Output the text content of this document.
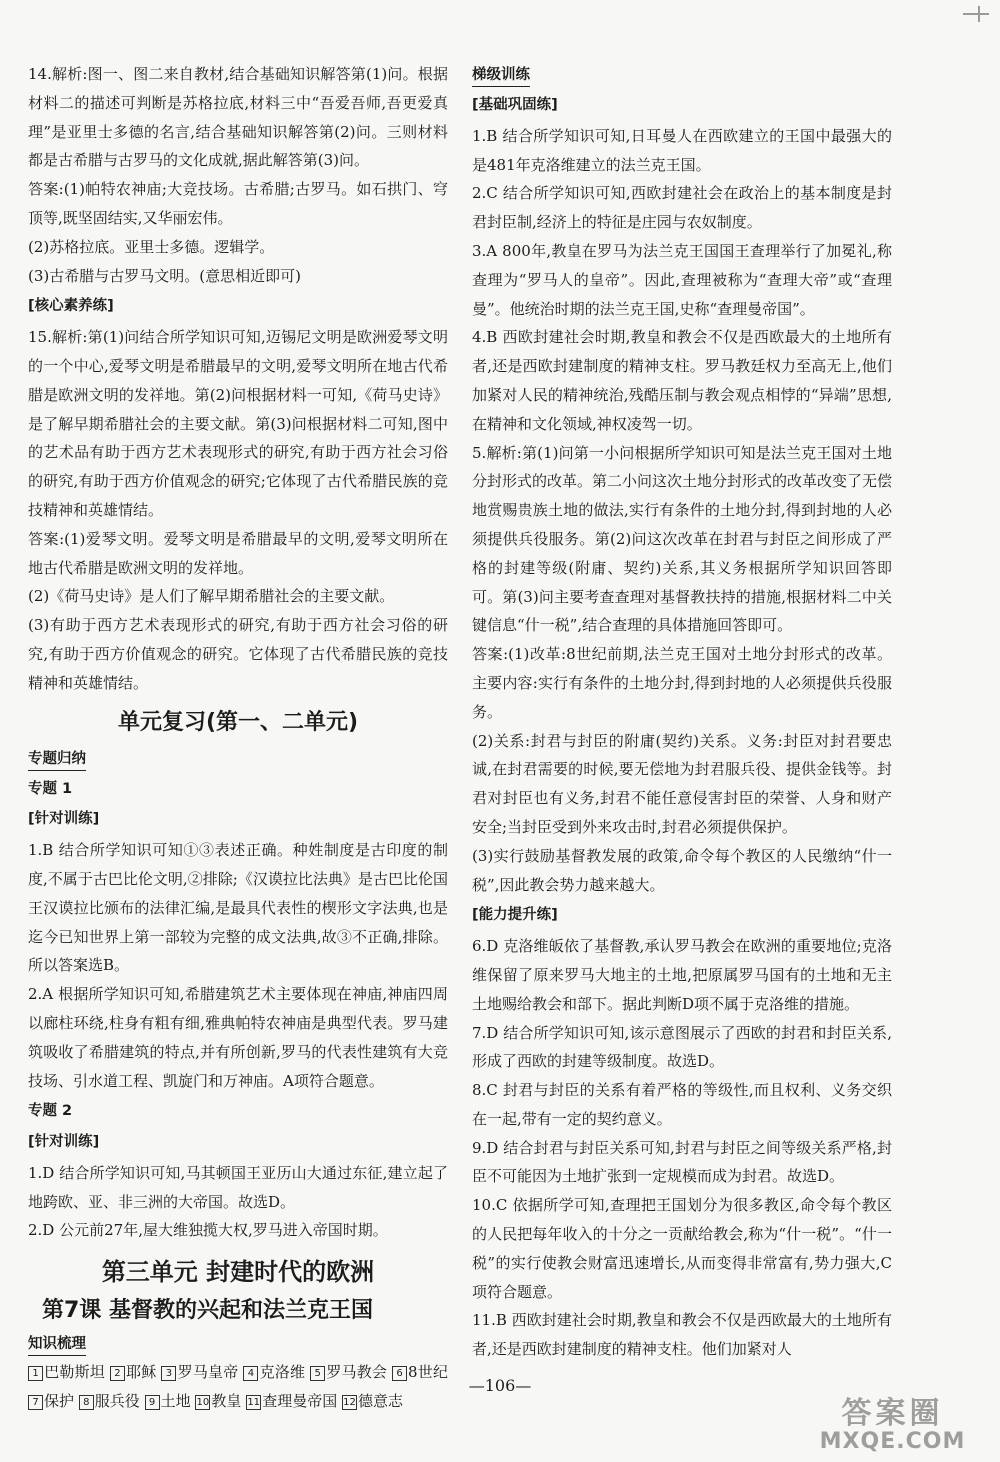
14.解析:图一、图二来自教材,结合基础知识解答第(1)问。根据材料二的描述可判断是苏格拉底,材料三中“吾爱吾师,吾更爱真理”是亚里士多德的名言,结合基础知识解答第(2)问。三则材料都是古希腊与古罗马的文化成就,据此解答第(3)问。

答案:(1)帕特农神庙;大竞技场。古希腊;古罗马。如石拱门、穹顶等,既坚固结实,又华丽宏伟。

(2)苏格拉底。亚里士多德。逻辑学。

(3)古希腊与古罗马文明。(意思相近即可)

[核心素养练]

15.解析:第(1)问结合所学知识可知,迈锡尼文明是欧洲爱琴文明的一个中心,爱琴文明是希腊最早的文明,爱琴文明所在地古代希腊是欧洲文明的发祥地。第(2)问根据材料一可知,《荷马史诗》是了解早期希腊社会的主要文献。第(3)问根据材料二可知,图中的艺术品有助于西方艺术表现形式的研究,有助于西方社会习俗的研究,有助于西方价值观念的研究;它体现了古代希腊民族的竞技精神和英雄情结。

答案:(1)爱琴文明。爱琴文明是希腊最早的文明,爱琴文明所在地古代希腊是欧洲文明的发祥地。

(2)《荷马史诗》是人们了解早期希腊社会的主要文献。

(3)有助于西方艺术表现形式的研究,有助于西方社会习俗的研究,有助于西方价值观念的研究。它体现了古代希腊民族的竞技精神和英雄情结。

单元复习(第一、二单元)
专题归纳
专题 1
[针对训练]

1.B 结合所学知识可知①③表述正确。种姓制度是古印度的制度,不属于古巴比伦文明,②排除;《汉谟拉比法典》是古巴比伦国王汉谟拉比颁布的法律汇编,是最具代表性的楔形文字法典,也是迄今已知世界上第一部较为完整的成文法典,故③不正确,排除。所以答案选B。

2.A 根据所学知识可知,希腊建筑艺术主要体现在神庙,神庙四周以廊柱环绕,柱身有粗有细,雅典帕特农神庙是典型代表。罗马建筑吸收了希腊建筑的特点,并有所创新,罗马的代表性建筑有大竞技场、引水道工程、凯旋门和万神庙。A项符合题意。

专题 2
[针对训练]

1.D 结合所学知识可知,马其顿国王亚历山大通过东征,建立起了地跨欧、亚、非三洲的大帝国。故选D。

2.D 公元前27年,屋大维独揽大权,罗马进入帝国时期。

第三单元 封建时代的欧洲
第7课 基督教的兴起和法兰克王国
知识梳理

1 巴勒斯坦 2 耶稣 3 罗马皇帝 4 克洛维 5 罗马教会 6 8世纪 7 保护 8 服兵役 9 土地 10 教皇 11 查理曼帝国 12 德意志

梯级训练
[基础巩固练]

1.B 结合所学知识可知,日耳曼人在西欧建立的王国中最强大的是481年克洛维建立的法兰克王国。

2.C 结合所学知识可知,西欧封建社会在政治上的基本制度是封君封臣制,经济上的特征是庄园与农奴制度。

3.A 800年,教皇在罗马为法兰克王国国王查理举行了加冕礼,称查理为“罗马人的皇帝”。因此,查理被称为“查理大帝”或“查理曼”。他统治时期的法兰克王国,史称“查理曼帝国”。

4.B 西欧封建社会时期,教皇和教会不仅是西欧最大的土地所有者,还是西欧封建制度的精神支柱。罗马教廷权力至高无上,他们加紧对人民的精神统治,残酷压制与教会观点相悖的“异端”思想,在精神和文化领域,神权凌驾一切。

5.解析:第(1)问第一小问根据所学知识可知是法兰克王国对土地分封形式的改革。第二小问这次土地分封形式的改革改变了无偿地赏赐贵族土地的做法,实行有条件的土地分封,得到封地的人必须提供兵役服务。第(2)问这次改革在封君与封臣之间形成了严格的封建等级(附庸、契约)关系,其义务根据所学知识回答即可。第(3)问主要考查查理对基督教扶持的措施,根据材料二中关键信息“什一税”,结合查理的具体措施回答即可。

答案:(1)改革:8世纪前期,法兰克王国对土地分封形式的改革。主要内容:实行有条件的土地分封,得到封地的人必须提供兵役服务。

(2)关系:封君与封臣的附庸(契约)关系。义务:封臣对封君要忠诚,在封君需要的时候,要无偿地为封君服兵役、提供金钱等。封君对封臣也有义务,封君不能任意侵害封臣的荣誉、人身和财产安全;当封臣受到外来攻击时,封君必须提供保护。

(3)实行鼓励基督教发展的政策,命令每个教区的人民缴纳“什一税”,因此教会势力越来越大。

[能力提升练]

6.D 克洛维皈依了基督教,承认罗马教会在欧洲的重要地位;克洛维保留了原来罗马大地主的土地,把原属罗马国有的土地和无主土地赐给教会和部下。据此判断D项不属于克洛维的措施。

7.D 结合所学知识可知,该示意图展示了西欧的封君和封臣关系,形成了西欧的封建等级制度。故选D。

8.C 封君与封臣的关系有着严格的等级性,而且权利、义务交织在一起,带有一定的契约意义。

9.D 结合封君与封臣关系可知,封君与封臣之间等级关系严格,封臣不可能因为土地扩张到一定规模而成为封君。故选D。

10.C 依据所学可知,查理把王国划分为很多教区,命令每个教区的人民把每年收入的十分之一贡献给教会,称为“什一税”。“什一税”的实行使教会财富迅速增长,从而变得非常富有,势力强大,C项符合题意。

11.B 西欧封建社会时期,教皇和教会不仅是西欧最大的土地所有者,还是西欧封建制度的精神支柱。他们加紧对人

—106—
答案圈
MXQE.COM
